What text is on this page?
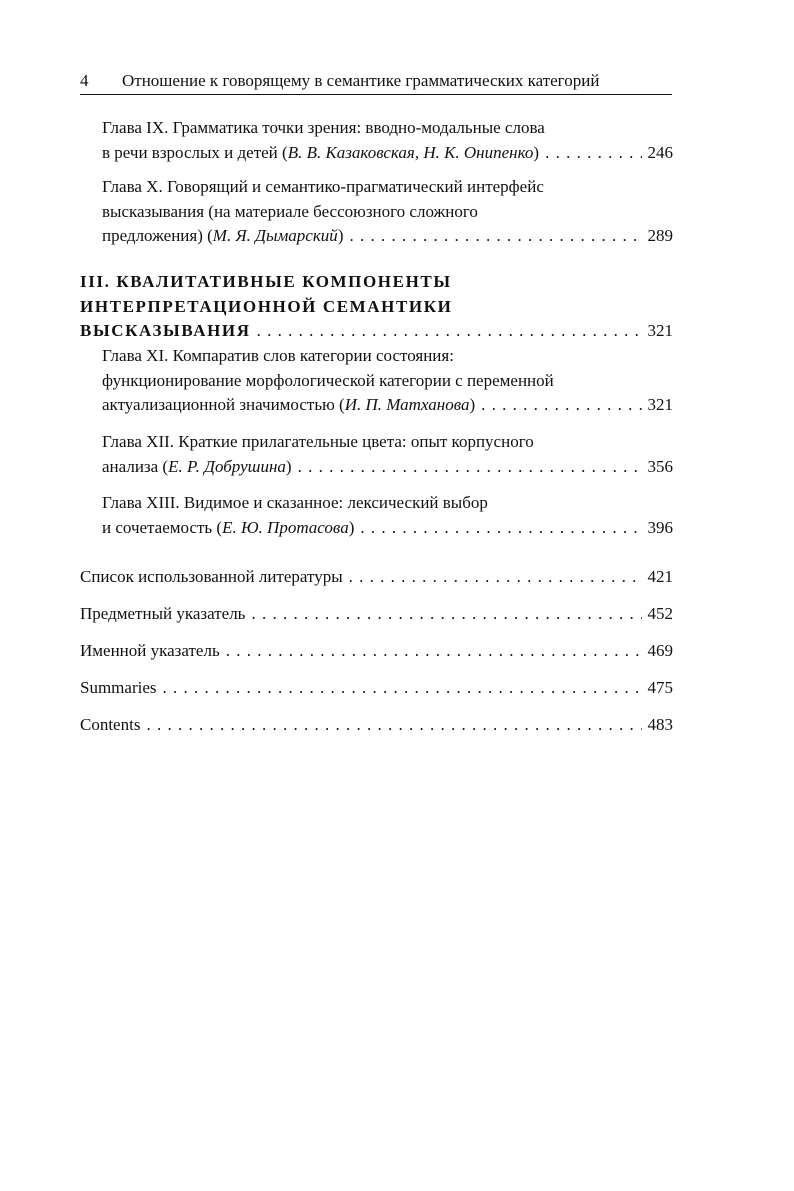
4 Отношение к говорящему в семантике грамматических категорий
Глава IX. Грамматика точки зрения: вводно-модальные слова
в речи взрослых и детей (В. В. Казаковская, Н. К. Онипенко) . . .	246
Глава X. Говорящий и семантико-прагматический интерфейс
высказывания (на материале бессоюзного сложного
предложения) (М. Я. Дымарский) . . .	289
III. КВАЛИТАТИВНЫЕ КОМПОНЕНТЫ
ИНТЕРПРЕТАЦИОННОЙ СЕМАНТИКИ
ВЫСКАЗЫВАНИЯ . . .	321
Глава XI. Компаратив слов категории состояния:
функционирование морфологической категории с переменной
актуализационной значимостью (И. П. Матханова) . . .	321
Глава XII. Краткие прилагательные цвета: опыт корпусного
анализа (Е. Р. Добрушина) . . .	356
Глава XIII. Видимое и сказанное: лексический выбор
и сочетаемость (Е. Ю. Протасова) . . .	396
Список использованной литературы . . .	421
Предметный указатель . . .	452
Именной указатель . . .	469
Summaries . . .	475
Contents . . .	483
